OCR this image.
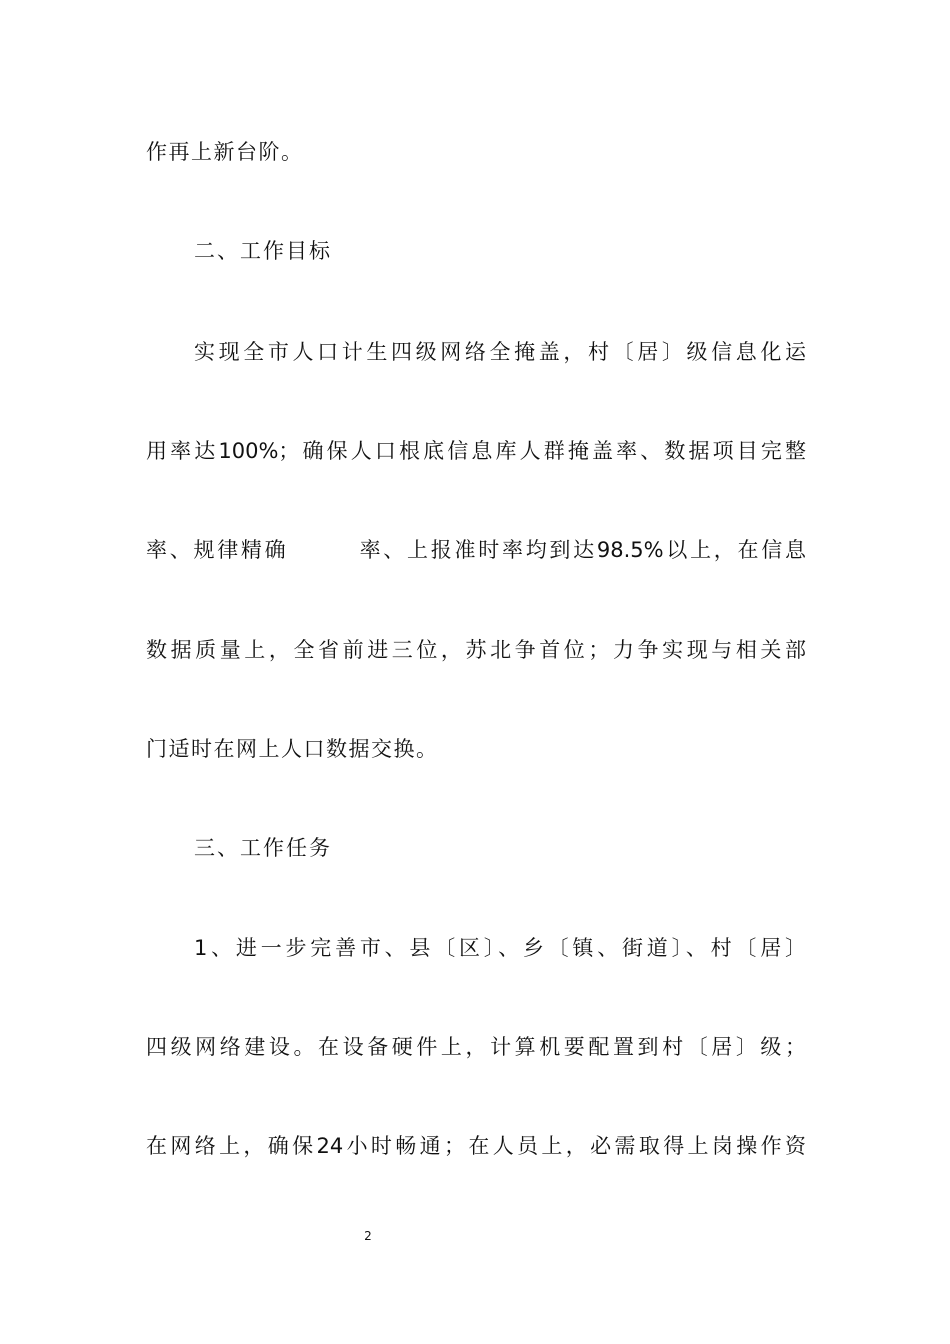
作再上新台阶。
二、工作目标
实现全市人口计生四级网络全掩盖，村〔居〕级信息化运
用率达100%；确保人口根底信息库人群掩盖率、数据项目完整
率、规律精确　　　率、上报准时率均到达98.5%以上，在信息
数据质量上，全省前进三位，苏北争首位；力争实现与相关部
门适时在网上人口数据交换。
三、工作任务
1、进一步完善市、县〔区〕、乡〔镇、街道〕、村〔居〕
四级网络建设。在设备硬件上，计算机要配置到村〔居〕级；
在网络上，确保24小时畅通；在人员上，必需取得上岗操作资
2
